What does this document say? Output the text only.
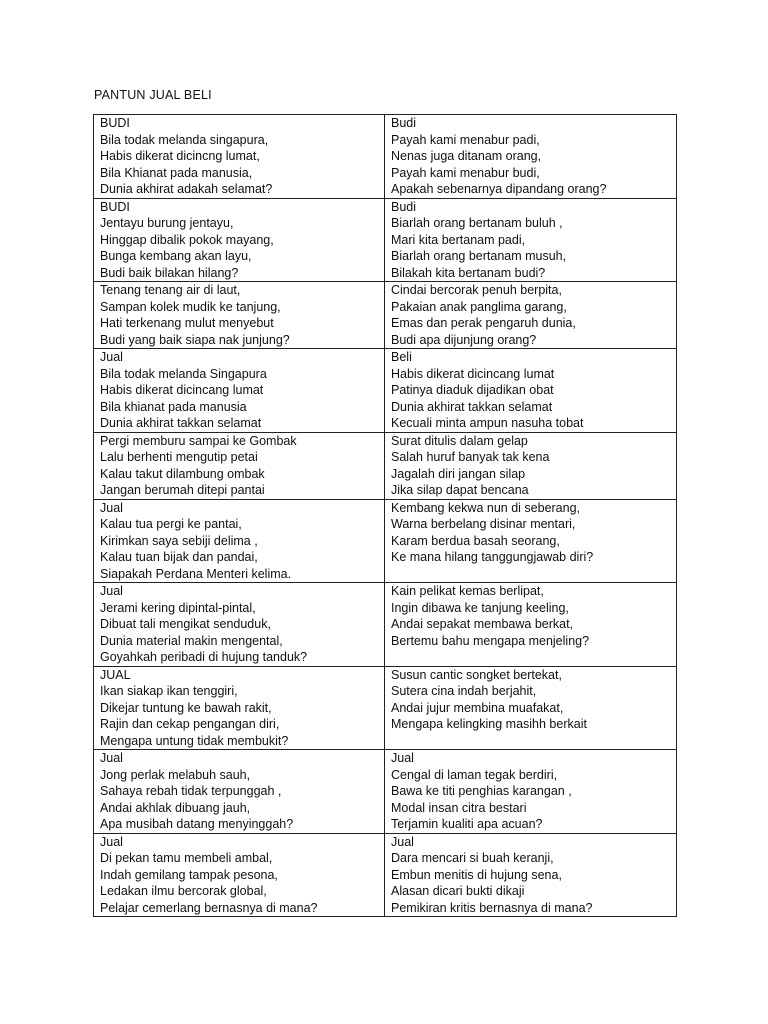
PANTUN JUAL BELI
BUDI
Bila todak melanda singapura,
Habis dikerat dicincng lumat,
Bila Khianat pada manusia,
Dunia akhirat adakah selamat?	Budi
Payah kami menabur padi,
Nenas juga ditanam orang,
Payah kami menabur budi,
Apakah sebenarnya dipandang orang?

BUDI
Jentayu burung jentayu,
Hinggap dibalik pokok mayang,
Bunga kembang akan layu,
Budi baik bilakan hilang?	Budi
Biarlah orang bertanam buluh ,
Mari kita bertanam padi,
Biarlah orang bertanam musuh,
Bilakah kita bertanam budi?

Tenang tenang air di laut,
Sampan kolek mudik ke tanjung,
Hati terkenang mulut menyebut
Budi yang baik siapa nak junjung?	Cindai bercorak penuh berpita,
Pakaian anak panglima garang,
Emas dan perak pengaruh dunia,
Budi apa dijunjung orang?

Jual
Bila todak melanda Singapura
Habis dikerat dicincang lumat
Bila khianat pada manusia
Dunia akhirat takkan selamat	Beli
Habis dikerat dicincang lumat
Patinya diaduk dijadikan obat
Dunia akhirat takkan selamat
Kecuali minta ampun nasuha tobat

Pergi memburu sampai ke Gombak
Lalu berhenti mengutip petai
Kalau takut dilambung ombak
Jangan berumah ditepi pantai	Surat ditulis dalam gelap
Salah huruf banyak tak kena
Jagalah diri jangan silap
Jika silap dapat bencana

Jual
Kalau tua pergi ke pantai,
Kirimkan saya sebiji delima ,
Kalau tuan bijak dan pandai,
Siapakah Perdana Menteri kelima.	Kembang kekwa nun di seberang,
Warna berbelang disinar mentari,
Karam berdua basah seorang,
Ke mana hilang tanggungjawab diri?

Jual
Jerami kering dipintal-pintal,
Dibuat tali mengikat senduduk,
Dunia material makin mengental,
Goyahkah peribadi di hujung tanduk?	Kain pelikat kemas berlipat,
Ingin dibawa ke tanjung keeling,
Andai sepakat membawa berkat,
Bertemu bahu mengapa menjeling?

JUAL
Ikan siakap ikan tenggiri,
Dikejar tuntung ke bawah rakit,
Rajin dan cekap pengangan diri,
Mengapa untung tidak membukit?	Susun cantic songket bertekat,
Sutera cina indah berjahit,
Andai jujur membina muafakat,
Mengapa kelingking masihh berkait

Jual
Jong perlak melabuh sauh,
Sahaya rebah tidak terpunggah ,
Andai akhlak dibuang jauh,
Apa musibah datang menyinggah?	Jual
Cengal di laman tegak berdiri,
Bawa ke titi penghias karangan ,
Modal insan citra bestari
Terjamin kualiti apa acuan?

Jual
Di pekan tamu membeli ambal,
Indah gemilang tampak pesona,
Ledakan ilmu bercorak global,
Pelajar cemerlang bernasnya di mana?	Jual
Dara mencari si buah keranji,
Embun menitis di hujung sena,
Alasan dicari bukti dikaji
Pemikiran kritis bernasnya di mana?
